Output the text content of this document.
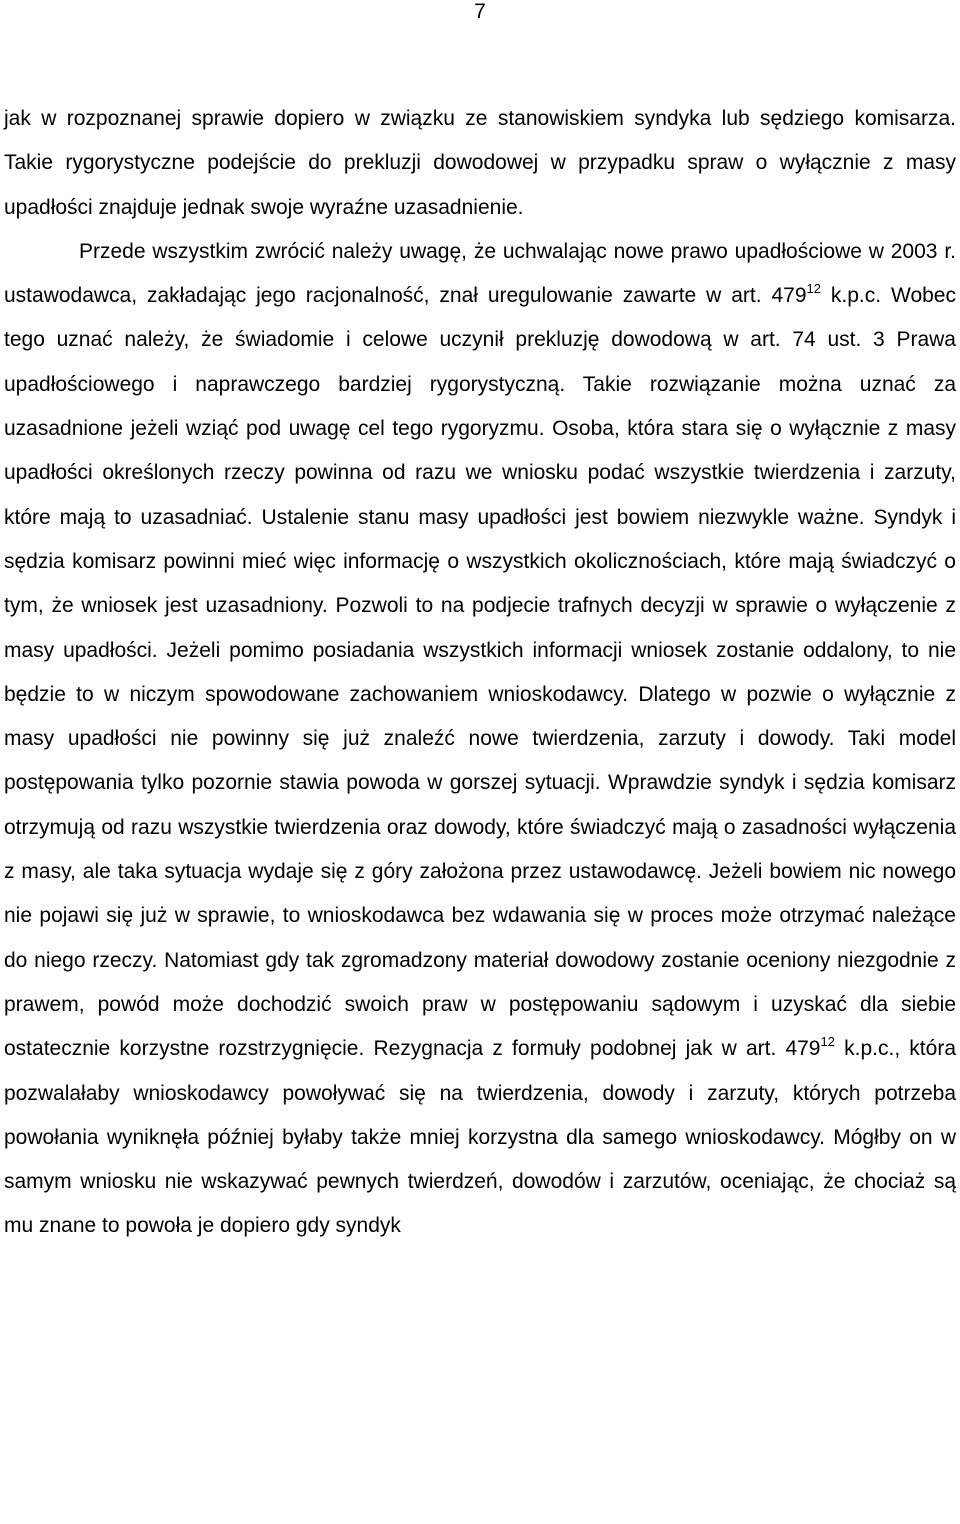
7

jak w rozpoznanej sprawie dopiero w związku ze stanowiskiem syndyka lub sędziego komisarza. Takie rygorystyczne podejście do prekluzji dowodowej w przypadku spraw o wyłącznie z masy upadłości znajduje jednak swoje wyraźne uzasadnienie.

Przede wszystkim zwrócić należy uwagę, że uchwalając nowe prawo upadłościowe w 2003 r. ustawodawca, zakładając jego racjonalność, znał uregulowanie zawarte w art. $479^{12}$ k.p.c. Wobec tego uznać należy, że świadomie i celowe uczynił prekluzję dowodową w art. 74 ust. 3 Prawa upadłościowego i naprawczego bardziej rygorystyczną. Takie rozwiązanie można uznać za uzasadnione jeżeli wziąć pod uwagę cel tego rygoryzmu. Osoba, która stara się o wyłącznie z masy upadłości określonych rzeczy powinna od razu we wniosku podać wszystkie twierdzenia i zarzuty, które mają to uzasadniać. Ustalenie stanu masy upadłości jest bowiem niezwykle ważne. Syndyk i sędzia komisarz powinni mieć więc informację o wszystkich okolicznościach, które mają świadczyć o tym, że wniosek jest uzasadniony. Pozwoli to na podjecie trafnych decyzji w sprawie o wyłączenie z masy upadłości. Jeżeli pomimo posiadania wszystkich informacji wniosek zostanie oddalony, to nie będzie to w niczym spowodowane zachowaniem wnioskodawcy. Dlatego w pozwie o wyłącznie z masy upadłości nie powinny się już znaleźć nowe twierdzenia, zarzuty i dowody. Taki model postępowania tylko pozornie stawia powoda w gorszej sytuacji. Wprawdzie syndyk i sędzia komisarz otrzymują od razu wszystkie twierdzenia oraz dowody, które świadczyć mają o zasadności wyłączenia z masy, ale taka sytuacja wydaje się z góry założona przez ustawodawcę. Jeżeli bowiem nic nowego nie pojawi się już w sprawie, to wnioskodawca bez wdawania się w proces może otrzymać należące do niego rzeczy. Natomiast gdy tak zgromadzony materiał dowodowy zostanie oceniony niezgodnie z prawem, powód może dochodzić swoich praw w postępowaniu sądowym i uzyskać dla siebie ostatecznie korzystne rozstrzygnięcie. Rezygnacja z formuły podobnej jak w art. $479^{12}$ k.p.c., która pozwalałaby wnioskodawcy powoływać się na twierdzenia, dowody i zarzuty, których potrzeba powołania wyniknęła później byłaby także mniej korzystna dla samego wnioskodawcy. Mógłby on w samym wniosku nie wskazywać pewnych twierdzeń, dowodów i zarzutów, oceniając, że chociaż są mu znane to powoła je dopiero gdy syndyk
